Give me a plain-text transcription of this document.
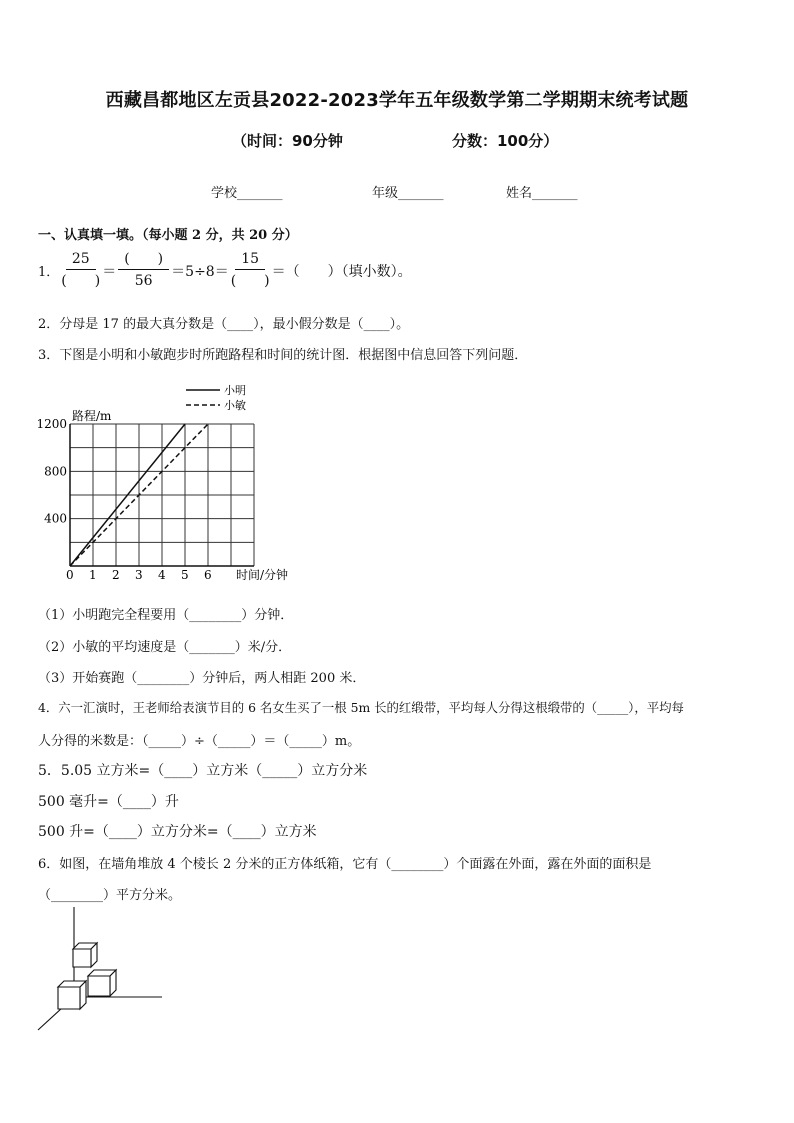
西藏昌都地区左贡县2022-2023学年五年级数学第二学期期末统考试题
（时间：90分钟	分数：100分）
学校_______	年级_______	姓名_______
一、认真填一填。（每小题 2 分，共 20 分）
1． $\frac{25}{( )} = \frac{( )}{56} =5\div 8= \frac{15}{( )}$ ＝（　　）（填小数）。
2．分母是 17 的最大真分数是（____），最小假分数是（____）。
3．下图是小明和小敏跑步时所跑路程和时间的统计图．根据图中信息回答下列问题．
0 1 2 3 4 5 6
400
800
1200
小明
小敏
路程/m
时间/分钟
（1）小明跑完全程要用（________）分钟．
（2）小敏的平均速度是（_______）米/分．
（3）开始赛跑（________）分钟后，两人相距 200 米．
4．六一汇演时，王老师给表演节目的 6 名女生买了一根 5m 长的红缎带，平均每人分得这根缎带的（_____），平均每
人分得的米数是：（_____）÷（_____）＝（_____）m。
5．5.05 立方米=（____）立方米（_____）立方分米
500 毫升=（____）升
500 升=（____）立方分米=（____）立方米
6．如图，在墙角堆放 4 个棱长 2 分米的正方体纸箱，它有（________）个面露在外面，露在外面的面积是
（________）平方分米。
